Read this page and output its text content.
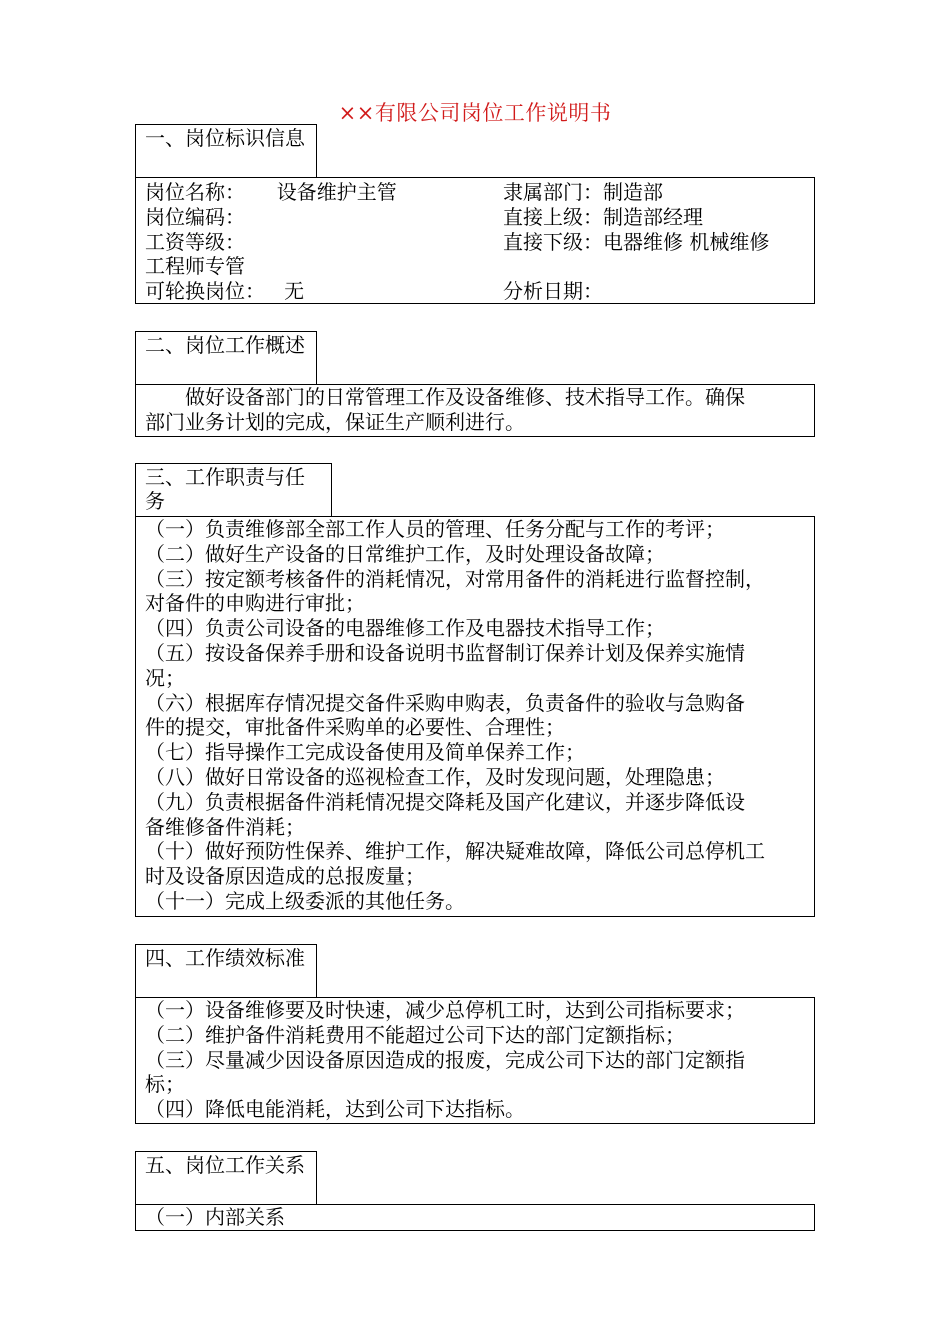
××有限公司岗位工作说明书
一、岗位标识信息
岗位名称：     设备维护主管	隶属部门：制造部
岗位编码：	直接上级：制造部经理
工资等级：	直接下级：电器维修 机械维修
工程师专管
可轮换岗位：   无	分析日期：
二、岗位工作概述
做好设备部门的日常管理工作及设备维修、技术指导工作。确保
部门业务计划的完成，保证生产顺利进行。
三、工作职责与任务
（一）负责维修部全部工作人员的管理、任务分配与工作的考评；
（二）做好生产设备的日常维护工作，及时处理设备故障；
（三）按定额考核备件的消耗情况，对常用备件的消耗进行监督控制，
对备件的申购进行审批；
（四）负责公司设备的电器维修工作及电器技术指导工作；
（五）按设备保养手册和设备说明书监督制订保养计划及保养实施情
况；
（六）根据库存情况提交备件采购申购表，负责备件的验收与急购备
件的提交，审批备件采购单的必要性、合理性；
（七）指导操作工完成设备使用及简单保养工作；
（八）做好日常设备的巡视检查工作，及时发现问题，处理隐患；
（九）负责根据备件消耗情况提交降耗及国产化建议，并逐步降低设
备维修备件消耗；
（十）做好预防性保养、维护工作，解决疑难故障，降低公司总停机工
时及设备原因造成的总报废量；
（十一）完成上级委派的其他任务。
四、工作绩效标准
（一）设备维修要及时快速，减少总停机工时，达到公司指标要求；
（二）维护备件消耗费用不能超过公司下达的部门定额指标；
（三）尽量减少因设备原因造成的报废，完成公司下达的部门定额指
标；
（四）降低电能消耗，达到公司下达指标。
五、岗位工作关系
（一）内部关系
